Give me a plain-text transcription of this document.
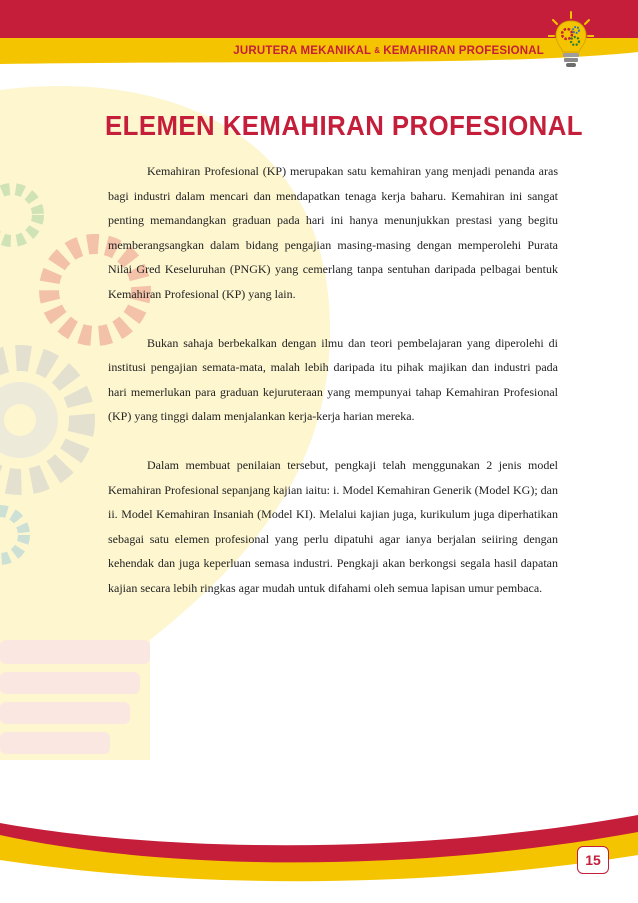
JURUTERA MEKANIKAL & KEMAHIRAN PROFESIONAL
ELEMEN KEMAHIRAN PROFESIONAL

Kemahiran Profesional (KP) merupakan satu kemahiran yang menjadi penanda aras bagi industri dalam mencari dan mendapatkan tenaga kerja baharu. Kemahiran ini sangat penting memandangkan graduan pada hari ini hanya menunjukkan prestasi yang begitu memberangsangkan dalam bidang pengajian masing-masing dengan memperolehi Purata Nilai Gred Keseluruhan (PNGK) yang cemerlang tanpa sentuhan daripada pelbagai bentuk Kemahiran Profesional (KP) yang lain.

Bukan sahaja berbekalkan dengan ilmu dan teori pembelajaran yang diperolehi di institusi pengajian semata-mata, malah lebih daripada itu pihak majikan dan industri pada hari memerlukan para graduan kejuruteraan yang mempunyai tahap Kemahiran Profesional (KP) yang tinggi dalam menjalankan kerja-kerja harian mereka.

Dalam membuat penilaian tersebut, pengkaji telah menggunakan 2 jenis model Kemahiran Profesional sepanjang kajian iaitu: i. Model Kemahiran Generik (Model KG); dan ii. Model Kemahiran Insaniah (Model KI). Melalui kajian juga, kurikulum juga diperhatikan sebagai satu elemen profesional yang perlu dipatuhi agar ianya berjalan seiiring dengan kehendak dan juga keperluan semasa industri. Pengkaji akan berkongsi segala hasil dapatan kajian secara lebih ringkas agar mudah untuk difahami oleh semua lapisan umur pembaca.

15
